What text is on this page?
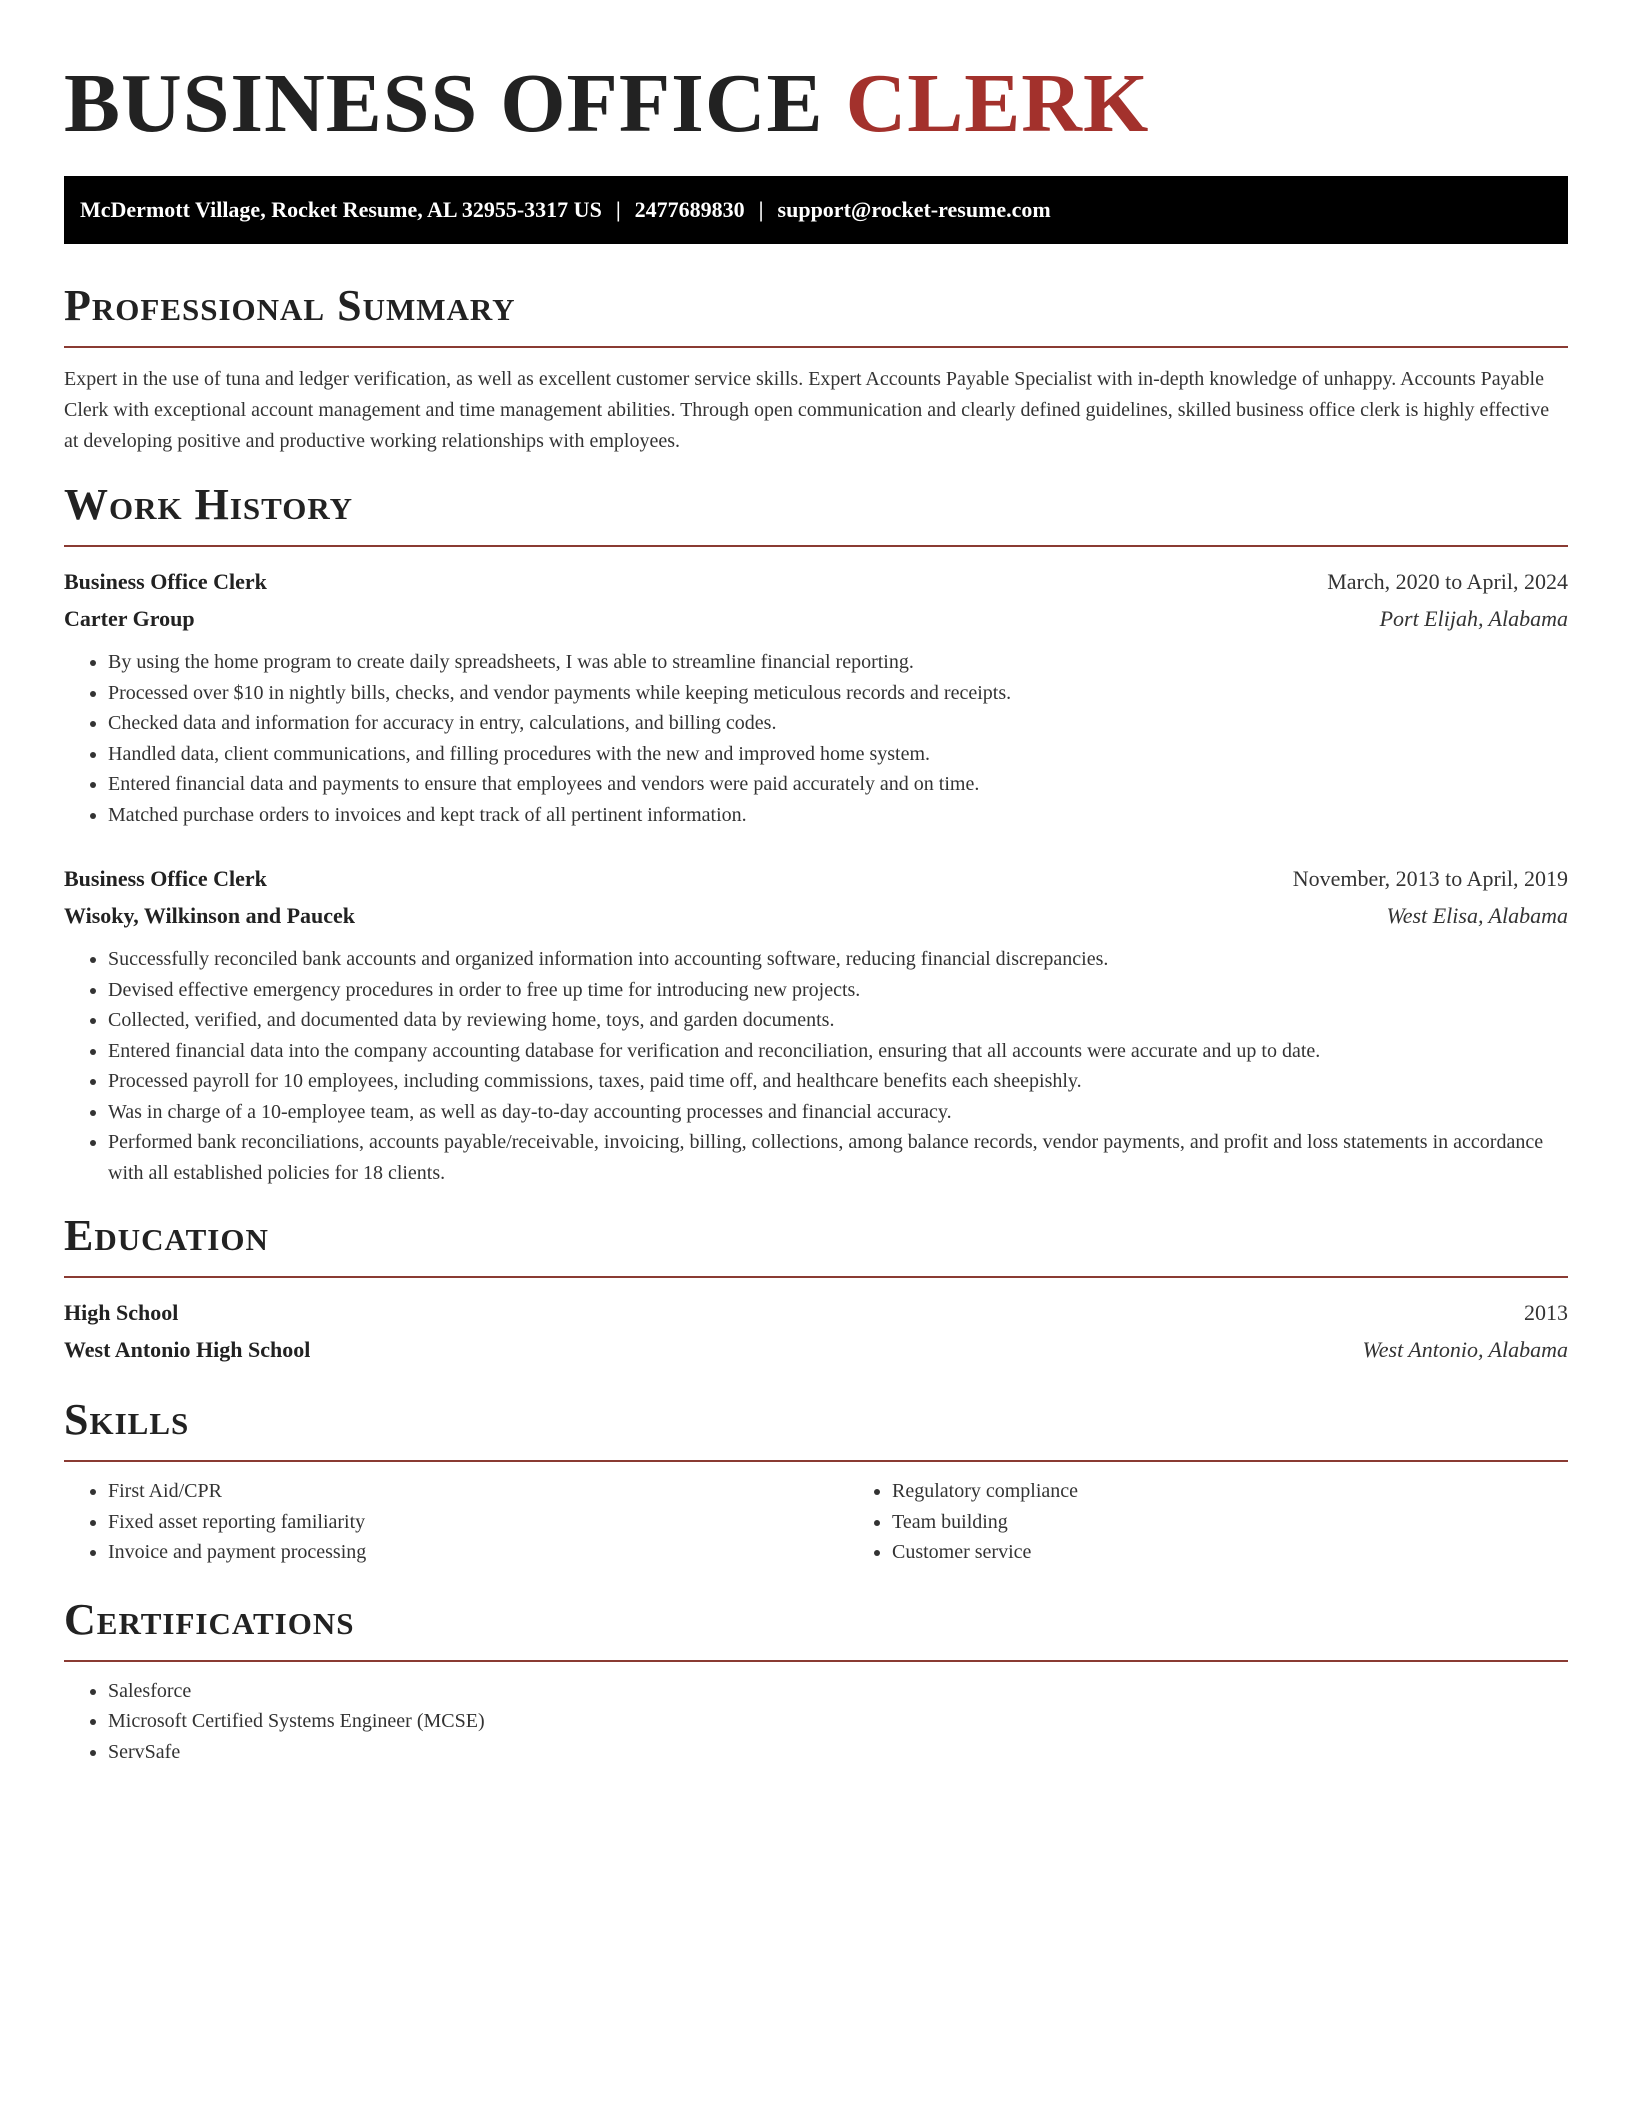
BUSINESS OFFICE CLERK
McDermott Village, Rocket Resume, AL 32955-3317 US | 2477689830 | support@rocket-resume.com
Professional Summary

Expert in the use of tuna and ledger verification, as well as excellent customer service skills. Expert Accounts Payable Specialist with in-depth knowledge of unhappy. Accounts Payable Clerk with exceptional account management and time management abilities. Through open communication and clearly defined guidelines, skilled business office clerk is highly effective at developing positive and productive working relationships with employees.

Work History
Business Office Clerk	March, 2020 to April, 2024
Carter Group	Port Elijah, Alabama
• By using the home program to create daily spreadsheets, I was able to streamline financial reporting.
• Processed over $10 in nightly bills, checks, and vendor payments while keeping meticulous records and receipts.
• Checked data and information for accuracy in entry, calculations, and billing codes.
• Handled data, client communications, and filling procedures with the new and improved home system.
• Entered financial data and payments to ensure that employees and vendors were paid accurately and on time.
• Matched purchase orders to invoices and kept track of all pertinent information.
Business Office Clerk	November, 2013 to April, 2019
Wisoky, Wilkinson and Paucek	West Elisa, Alabama
• Successfully reconciled bank accounts and organized information into accounting software, reducing financial discrepancies.
• Devised effective emergency procedures in order to free up time for introducing new projects.
• Collected, verified, and documented data by reviewing home, toys, and garden documents.
• Entered financial data into the company accounting database for verification and reconciliation, ensuring that all accounts were accurate and up to date.
• Processed payroll for 10 employees, including commissions, taxes, paid time off, and healthcare benefits each sheepishly.
• Was in charge of a 10-employee team, as well as day-to-day accounting processes and financial accuracy.
• Performed bank reconciliations, accounts payable/receivable, invoicing, billing, collections, among balance records, vendor payments, and profit and loss statements in accordance with all established policies for 18 clients.
Education
High School	2013
West Antonio High School	West Antonio, Alabama
Skills
• First Aid/CPR
• Fixed asset reporting familiarity
• Invoice and payment processing
• Regulatory compliance
• Team building
• Customer service
Certifications
• Salesforce
• Microsoft Certified Systems Engineer (MCSE)
• ServSafe
